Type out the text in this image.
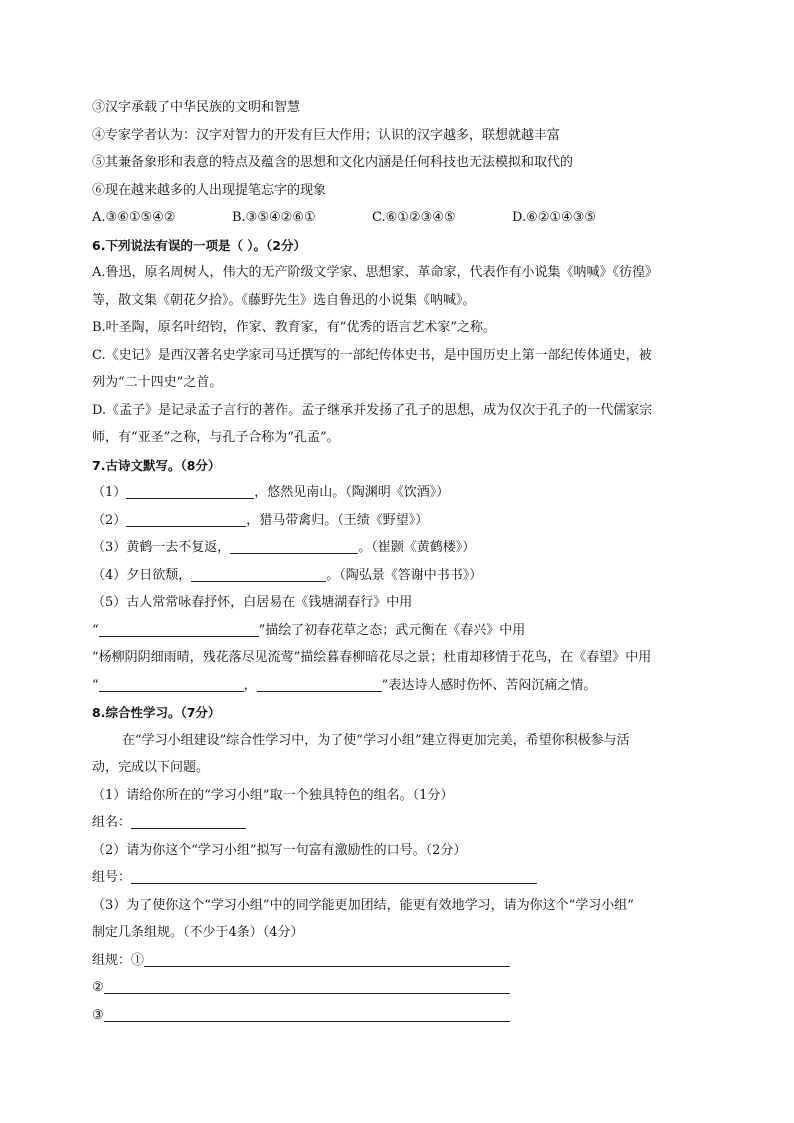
③汉字承载了中华民族的文明和智慧
④专家学者认为：汉字对智力的开发有巨大作用；认识的汉字越多，联想就越丰富
⑤其兼备象形和表意的特点及蕴含的思想和文化内涵是任何科技也无法模拟和取代的
⑥现在越来越多的人出现提笔忘字的现象
A.③⑥①⑤④②	B.③⑤④②⑥①	C.⑥①②③④⑤	D.⑥②①④③⑤
6.下列说法有误的一项是（ ）。（2分）
A.鲁迅，原名周树人，伟大的无产阶级文学家、思想家、革命家，代表作有小说集《呐喊》《彷徨》
等，散文集《朝花夕拾》。《藤野先生》选自鲁迅的小说集《呐喊》。
B.叶圣陶，原名叶绍钧，作家、教育家，有“优秀的语言艺术家”之称。
C.《史记》是西汉著名史学家司马迁撰写的一部纪传体史书，是中国历史上第一部纪传体通史，被
列为“二十四史”之首。
D.《孟子》是记录孟子言行的著作。孟子继承并发扬了孔子的思想，成为仅次于孔子的一代儒家宗
师，有“亚圣”之称，与孔子合称为“孔孟”。
7.古诗文默写。（8分）
（1）	，悠然见南山。（陶渊明《饮酒》）
（2）	，猎马带禽归。（王绩《野望》）
（3）黄鹤一去不复返，	。（崔颢《黄鹤楼》）
（4）夕日欲颓，	。（陶弘景《答谢中书书》）
（5）古人常常咏春抒怀，白居易在《钱塘湖春行》中用
“	”描绘了初春花草之态；武元衡在《春兴》中用
“杨柳阴阴细雨晴，残花落尽见流莺”描绘暮春柳暗花尽之景；杜甫却移情于花鸟，在《春望》中用
“	，	”表达诗人感时伤怀、苦闷沉痛之情。
8.综合性学习。（7分）
在“学习小组建设”综合性学习中，为了使“学习小组”建立得更加完美，希望你积极参与活
动，完成以下问题。
（1）请给你所在的“学习小组”取一个独具特色的组名。（1分）
组名：
（2）请为你这个“学习小组”拟写一句富有激励性的口号。（2分）
组号：
（3）为了使你这个“学习小组”中的同学能更加团结，能更有效地学习，请为你这个“学习小组”
制定几条组规。（不少于4条）（4分）
组规：①
②
③
